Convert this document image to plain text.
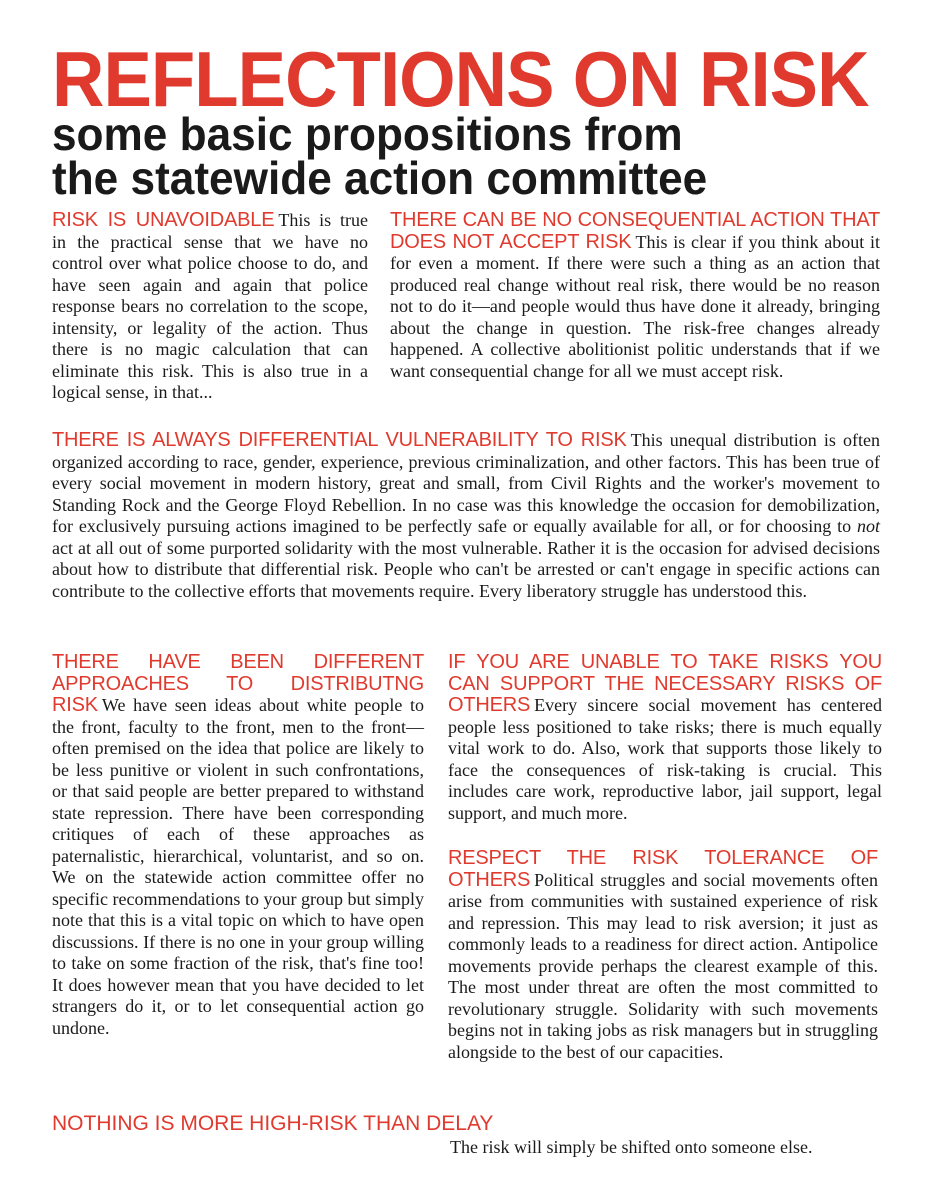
REFLECTIONS ON RISK
some basic propositions from
the statewide action committee
RISK IS UNAVOIDABLE This is true in the practical sense that we have no control over what police choose to do, and have seen again and again that police response bears no correlation to the scope, intensity, or legality of the action. Thus there is no magic calculation that can eliminate this risk. This is also true in a logical sense, in that...
THERE CAN BE NO CONSEQUENTIAL ACTION THAT DOES NOT ACCEPT RISK This is clear if you think about it for even a moment. If there were such a thing as an action that produced real change without real risk, there would be no reason not to do it—and people would thus have done it already, bringing about the change in question. The risk-free changes already happened. A collective abolitionist politic understands that if we want consequential change for all we must accept risk.
THERE IS ALWAYS DIFFERENTIAL VULNERABILITY TO RISK This unequal distribution is often organized according to race, gender, experience, previous criminalization, and other factors. This has been true of every social movement in modern history, great and small, from Civil Rights and the worker's movement to Standing Rock and the George Floyd Rebellion. In no case was this knowledge the occasion for demobilization, for exclusively pursuing actions imagined to be perfectly safe or equally available for all, or for choosing to not act at all out of some purported solidarity with the most vulnerable. Rather it is the occasion for advised decisions about how to distribute that differential risk. People who can't be arrested or can't engage in specific actions can contribute to the collective efforts that movements require. Every liberatory struggle has understood this.
THERE HAVE BEEN DIFFERENT APPROACHES TO DISTRIBUTNG RISK We have seen ideas about white people to the front, faculty to the front, men to the front—often premised on the idea that police are likely to be less punitive or violent in such confrontations, or that said people are better prepared to withstand state repression. There have been corresponding critiques of each of these approaches as paternalistic, hierarchical, voluntarist, and so on. We on the statewide action committee offer no specific recommendations to your group but simply note that this is a vital topic on which to have open discussions. If there is no one in your group willing to take on some fraction of the risk, that's fine too! It does however mean that you have decided to let strangers do it, or to let consequential action go undone.
IF YOU ARE UNABLE TO TAKE RISKS YOU CAN SUPPORT THE NECESSARY RISKS OF OTHERS Every sincere social movement has centered people less positioned to take risks; there is much equally vital work to do. Also, work that supports those likely to face the consequences of risk-taking is crucial. This includes care work, reproductive labor, jail support, legal support, and much more.
RESPECT THE RISK TOLERANCE OF OTHERS Political struggles and social movements often arise from communities with sustained experience of risk and repression. This may lead to risk aversion; it just as commonly leads to a readiness for direct action. Antipolice movements provide perhaps the clearest example of this. The most under threat are often the most committed to revolutionary struggle. Solidarity with such movements begins not in taking jobs as risk managers but in struggling alongside to the best of our capacities.
NOTHING IS MORE HIGH-RISK THAN DELAY
The risk will simply be shifted onto someone else.
